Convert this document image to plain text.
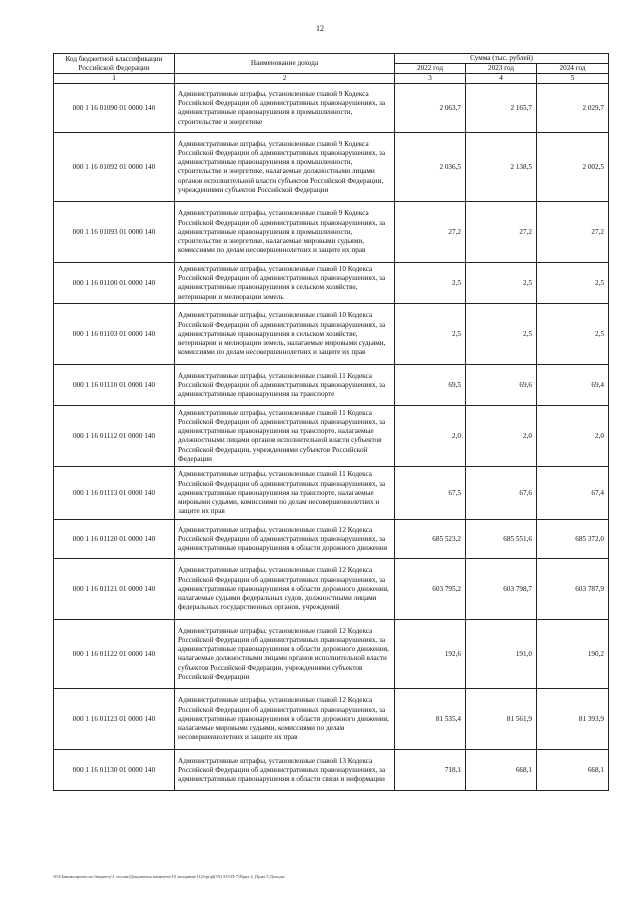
12
Код бюджетной классификации Российской Федерации	Наименование дохода	Сумма (тыс. рублей)		
		2022 год	2023 год	2024 год
1	2	3	4	5
000 1 16 01090 01 0000 140	Административные штрафы, установленные главой 9 Кодекса Российской Федерации об административных правонарушениях, за административные правонарушения в промышленности, строительстве и энергетике	2 063,7	2 165,7	2 029,7
000 1 16 01092 01 0000 140	Административные штрафы, установленные главой 9 Кодекса Российской Федерации об административных правонарушениях, за административные правонарушения в промышленности, строительстве и энергетике, налагаемые должностными лицами органов исполнительной власти субъектов Российской Федерации, учреждениями субъектов Российской Федерации	2 036,5	2 138,5	2 002,5
000 1 16 01093 01 0000 140	Административные штрафы, установленные главой 9 Кодекса Российской Федерации об административных правонарушениях, за административные правонарушения в промышленности, строительстве и энергетике, налагаемые мировыми судьями, комиссиями по делам несовершеннолетних и защите их прав	27,2	27,2	27,2
000 1 16 01100 01 0000 140	Административные штрафы, установленные главой 10 Кодекса Российской Федерации об административных правонарушениях, за административные правонарушения в сельском хозяйстве, ветеринарии и мелиорации земель	2,5	2,5	2,5
000 1 16 01103 01 0000 140	Административные штрафы, установленные главой 10 Кодекса Российской Федерации об административных правонарушениях, за административные правонарушения в сельском хозяйстве, ветеринарии и мелиорации земель, налагаемые мировыми судьями, комиссиями по делам несовершеннолетних и защите их прав	2,5	2,5	2,5
000 1 16 01110 01 0000 140	Административные штрафы, установленные главой 11 Кодекса Российской Федерации об административных правонарушениях, за административные правонарушения на транспорте	69,5	69,6	69,4
000 1 16 01112 01 0000 140	Административные штрафы, установленные главой 11 Кодекса Российской Федерации об административных правонарушениях, за административные правонарушения на транспорте, налагаемые должностными лицами органов исполнительной власти субъектов Российской Федерации, учреждениями субъектов Российской Федерации	2,0	2,0	2,0
000 1 16 01113 01 0000 140	Административные штрафы, установленные главой 11 Кодекса Российской Федерации об административных правонарушениях, за административные правонарушения на транспорте, налагаемые мировыми судьями, комиссиями по делам несовершеннолетних и защите их прав	67,5	67,6	67,4
000 1 16 01120 01 0000 140	Административные штрафы, установленные главой 12 Кодекса Российской Федерации об административных правонарушениях, за административные правонарушения в области дорожного движения	685 523,2	685 551,6	685 372,0
000 1 16 01121 01 0000 140	Административные штрафы, установленные главой 12 Кодекса Российской Федерации об административных правонарушениях, за административные правонарушения в области дорожного движения, налагаемые судьями федеральных судов, должностными лицами федеральных государственных органов, учреждений	603 795,2	603 798,7	603 787,9
000 1 16 01122 01 0000 140	Административные штрафы, установленные главой 12 Кодекса Российской Федерации об административных правонарушениях, за административные правонарушения в области дорожного движения, налагаемые должностными лицами органов исполнительной власти субъектов Российской Федерации, учреждениями субъектов Российской Федерации	192,6	191,0	190,2
000 1 16 01123 01 0000 140	Административные штрафы, установленные главой 12 Кодекса Российской Федерации об административных правонарушениях, за административные правонарушения в области дорожного движения, налагаемые мировыми судьями, комиссиями по делам несовершеннолетних и защите их прав	81 535,4	81 561,9	81 393,9
000 1 16 01130 01 0000 140	Административные штрафы, установленные главой 13 Кодекса Российской Федерации об административных правонарушениях, за административные правонарушения в области связи и информации	718,1	668,1	668,1
\Pcl\Законопроект по бюджету\1 сессия\Документы комитета\19 заседание (12)\pr\pl(19) 315-П-7\Прил 2_Прил 5 Доходы
